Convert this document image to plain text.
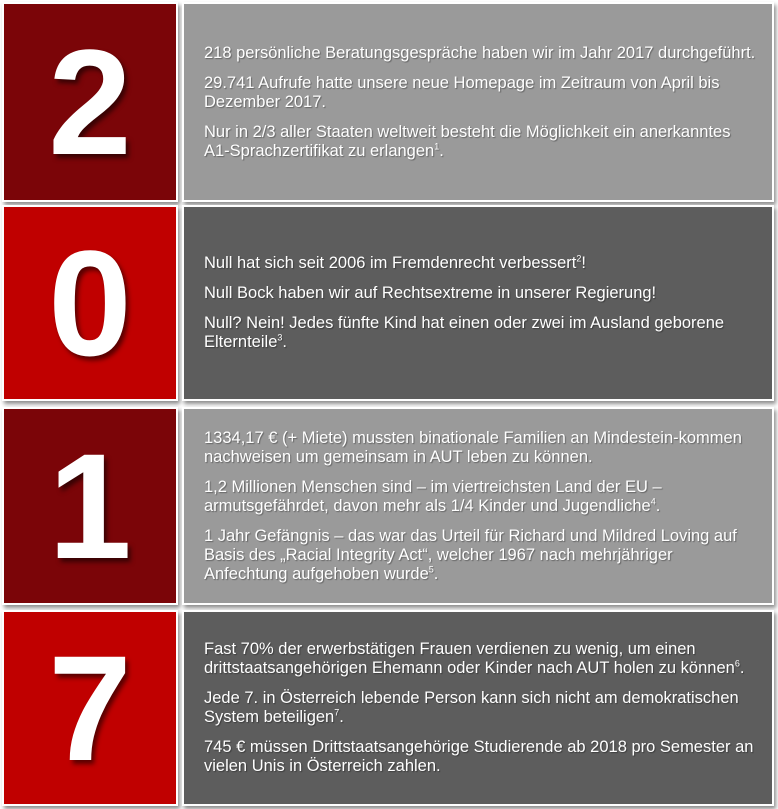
2	218 persönliche Beratungsgespräche haben wir im Jahr 2017 durchgeführt.

29.741 Aufrufe hatte unsere neue Homepage im Zeitraum von April bis Dezember 2017.

Nur in 2/3 aller Staaten weltweit besteht die Möglichkeit ein anerkanntes A1-Sprachzertifikat zu erlangen$^1$.

0	Null hat sich seit 2006 im Fremdenrecht verbessert$^2$!

Null Bock haben wir auf Rechtsextreme in unserer Regierung!

Null? Nein! Jedes fünfte Kind hat einen oder zwei im Ausland geborene Elternteile$^3$.

1	1334,17 € (+ Miete) mussten binationale Familien an Mindestein-kommen nachweisen um gemeinsam in AUT leben zu können.

1,2 Millionen Menschen sind – im viertreichsten Land der EU – armutsgefährdet, davon mehr als 1/4 Kinder und Jugendliche$^4$.

1 Jahr Gefängnis – das war das Urteil für Richard und Mildred Loving auf Basis des „Racial Integrity Act“, welcher 1967 nach mehrjähriger Anfechtung aufgehoben wurde$^5$.

7	Fast 70% der erwerbstätigen Frauen verdienen zu wenig, um einen drittstaatsangehörigen Ehemann oder Kinder nach AUT holen zu können$^6$.

Jede 7. in Österreich lebende Person kann sich nicht am demokratischen System beteiligen$^7$.

745 € müssen Drittstaatsangehörige Studierende ab 2018 pro Semester an vielen Unis in Österreich zahlen.
